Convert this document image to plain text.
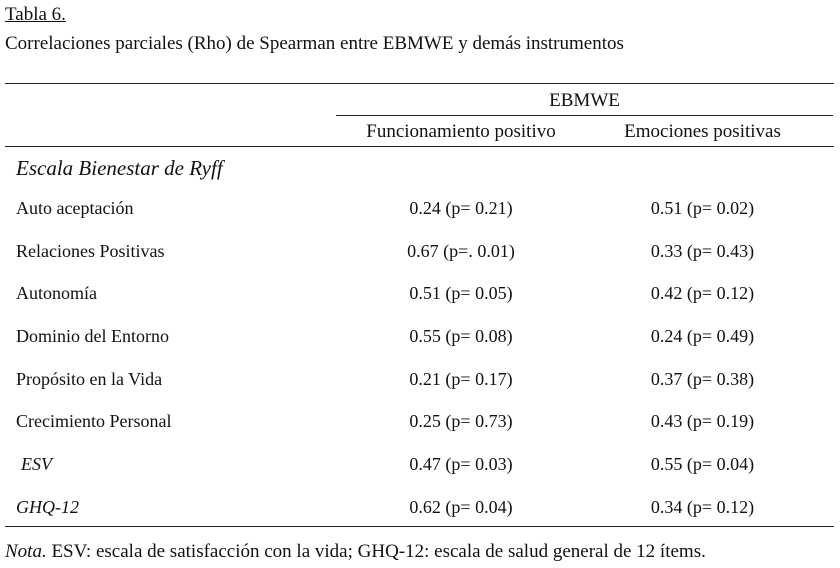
Tabla 6.
Correlaciones parciales (Rho) de Spearman entre EBMWE y demás instrumentos
EBMWE
Funcionamiento positivo	Emociones positivas
Escala Bienestar de Ryff
Auto aceptación	0.24 (p= 0.21)	0.51 (p= 0.02)
Relaciones Positivas	0.67 (p=. 0.01)	0.33 (p= 0.43)
Autonomía	0.51 (p= 0.05)	0.42 (p= 0.12)
Dominio del Entorno	0.55 (p= 0.08)	0.24 (p= 0.49)
Propósito en la Vida	0.21 (p= 0.17)	0.37 (p= 0.38)
Crecimiento Personal	0.25 (p= 0.73)	0.43 (p= 0.19)
ESV	0.47 (p= 0.03)	0.55 (p= 0.04)
GHQ-12	0.62 (p= 0.04)	0.34 (p= 0.12)
Nota. ESV: escala de satisfacción con la vida; GHQ-12: escala de salud general de 12 ítems.
